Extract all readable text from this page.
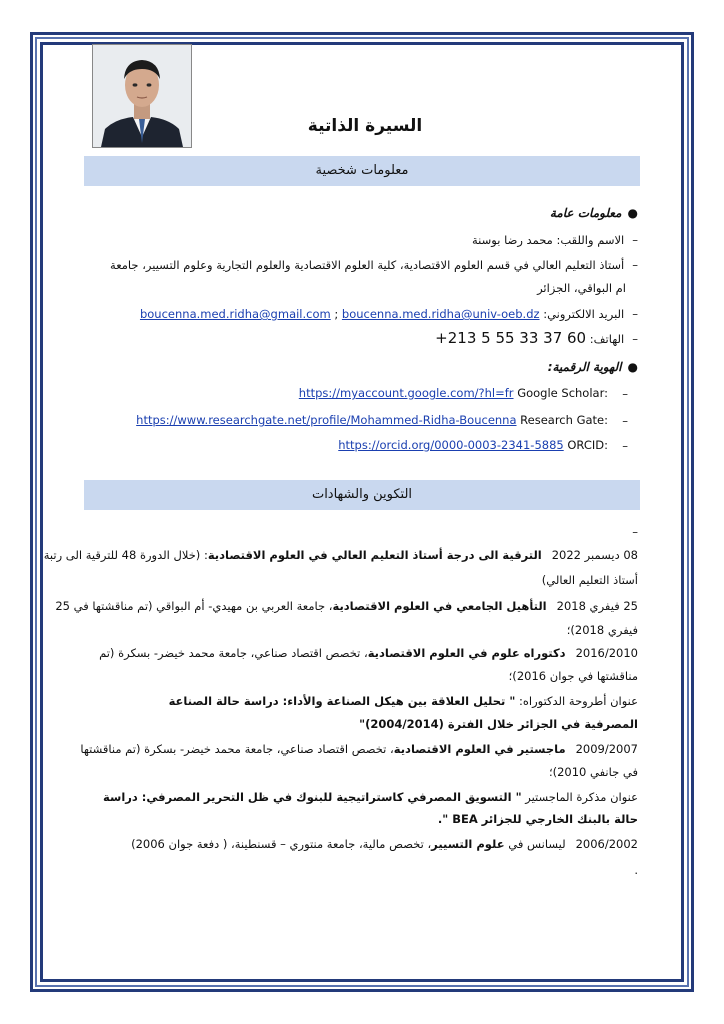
السيرة الذاتية
معلومات شخصية
●معلومات عامة
–الاسم واللقب: محمد رضا بوسنة
–أستاذ التعليم العالي في قسم العلوم الاقتصادية، كلية العلوم الاقتصادية والعلوم التجارية وعلوم التسيير، جامعة
ام البواقي، الجزائر
–البريد الالكتروني: boucenna.med.ridha@gmail.com ; boucenna.med.ridha@univ-oeb.dz
–الهاتف: +213 5 55 33 37 60
●الهوية الرقمية:
https://myaccount.google.com/?hl=fr Google Scholar: –
https://www.researchgate.net/profile/Mohammed-Ridha-Boucenna Research Gate: –
https://orcid.org/0000-0003-2341-5885 ORCID: –
التكوين والشهادات
–
08 ديسمبر 2022الترقية الى درجة أستاذ التعليم العالي في العلوم الاقتصادية: (خلال الدورة 48 للترقية الى رتبة
أستاذ التعليم العالي)
25 فيفري 2018التأهيل الجامعي في العلوم الاقتصادية، جامعة العربي بن مهيدي- أم البواقي (تم مناقشتها في 25
فيفري 2018)؛
2016/2010دكتوراه علوم في العلوم الاقتصادية، تخصص اقتصاد صناعي، جامعة محمد خيضر- بسكرة (تم
مناقشتها في جوان 2016)؛
عنوان أطروحة الدكتوراه: " تحليل العلاقة بين هيكل الصناعة والأداء: دراسة حالة الصناعة
المصرفية في الجزائر خلال الفترة (2004/2014)"
2009/2007ماجستير في العلوم الاقتصادية، تخصص اقتصاد صناعي، جامعة محمد خيضر- بسكرة (تم مناقشتها
في جانفي 2010)؛
عنوان مذكرة الماجستير " التسويق المصرفي كاستراتيجية للبنوك في ظل التحرير المصرفي: دراسة
حالة بالبنك الخارجي للجزائر BEA ".
2006/2002ليسانس في علوم التسيير، تخصص مالية، جامعة منتوري – قسنطينة، ( دفعة جوان 2006)
.
